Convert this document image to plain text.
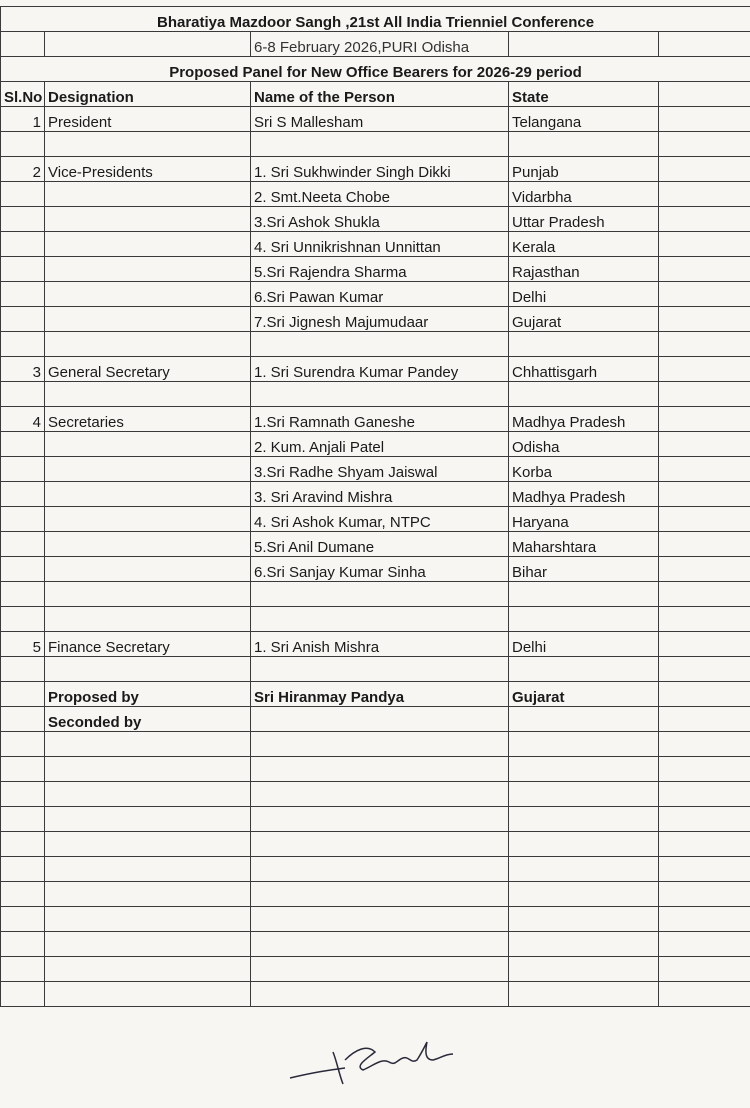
Bharatiya Mazdoor Sangh ,21st All India Trienniel Conference				
		6-8 February 2026,PURI Odisha		
Proposed Panel for New Office Bearers for 2026-29 period				
Sl.No	Designation	Name of the Person	State	
1	President	Sri S Mallesham	Telangana	

2	Vice-Presidents	1. Sri Sukhwinder Singh Dikki	Punjab	
		2. Smt.Neeta Chobe	Vidarbha	
		3.Sri Ashok Shukla	Uttar Pradesh	
		4. Sri Unnikrishnan Unnittan	Kerala	
		5.Sri Rajendra Sharma	Rajasthan	
		6.Sri Pawan Kumar	Delhi	
		7.Sri Jignesh Majumudaar	Gujarat	

3	General Secretary	1. Sri Surendra Kumar Pandey	Chhattisgarh	

4	Secretaries	1.Sri Ramnath Ganeshe	Madhya Pradesh	
		2. Kum. Anjali Patel	Odisha	
		3.Sri Radhe Shyam Jaiswal	Korba	
		3. Sri Aravind Mishra	Madhya Pradesh	
		4. Sri Ashok Kumar, NTPC	Haryana	
		5.Sri Anil Dumane	Maharshtara	
		6.Sri Sanjay Kumar Sinha	Bihar	

5	Finance Secretary	1. Sri Anish Mishra	Delhi	

	Proposed by	Sri Hiranmay Pandya	Gujarat	
	Seconded by			
